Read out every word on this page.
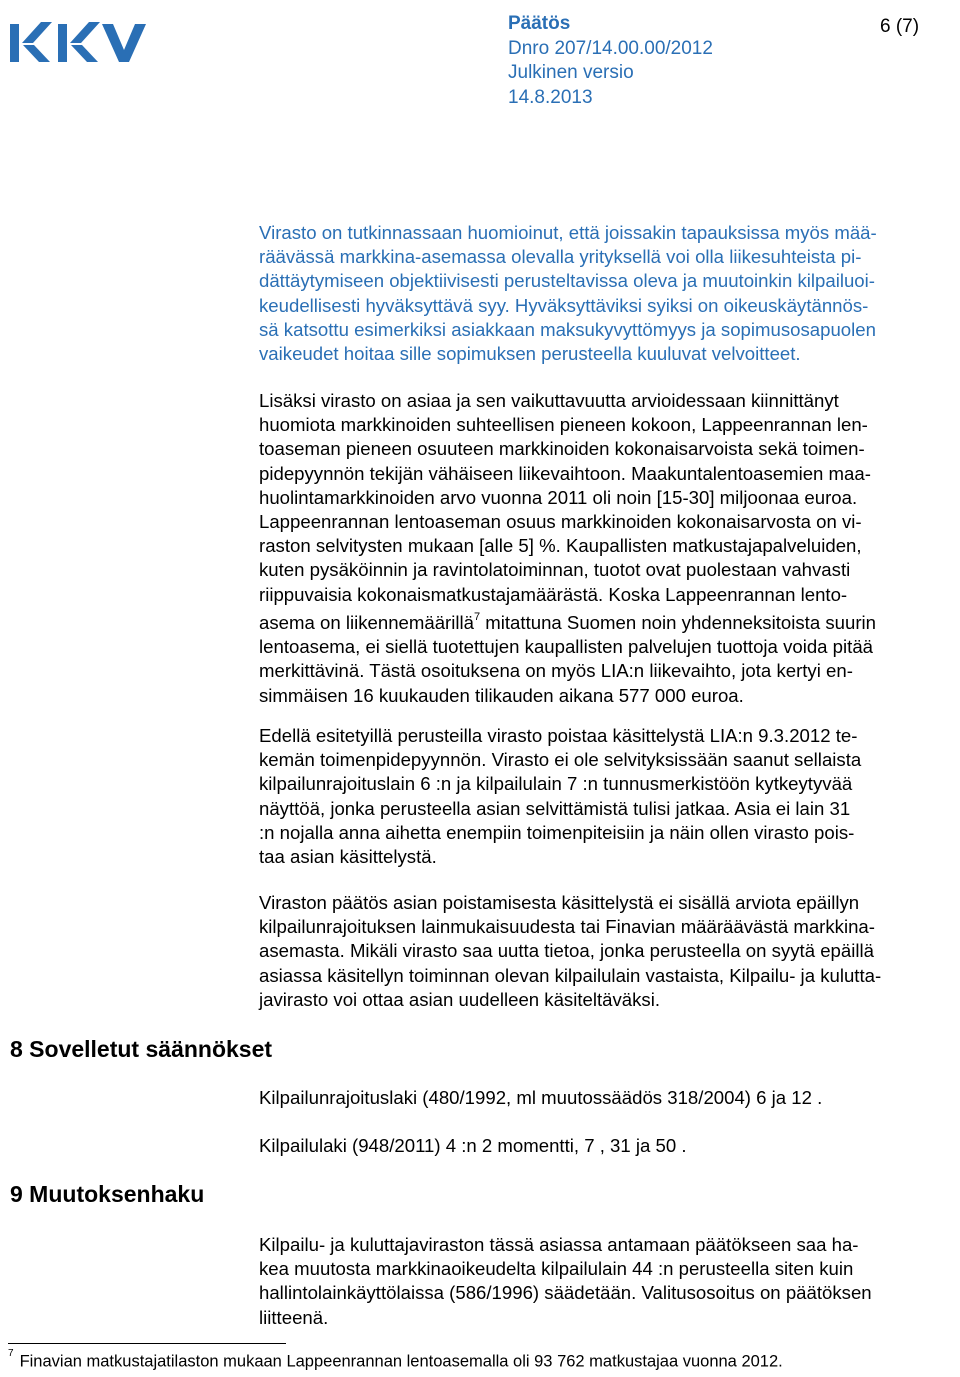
Päätös
Dnro 207/14.00.00/2012
Julkinen versio
14.8.2013
6 (7)

Virasto on tutkinnassaan huomioinut, että joissakin tapauksissa myös mää-
räävässä markkina-asemassa olevalla yrityksellä voi olla liikesuhteista pi-
dättäytymiseen objektiivisesti perusteltavissa oleva ja muutoinkin kilpailuoi-
keudellisesti hyväksyttävä syy. Hyväksyttäviksi syiksi on oikeuskäytännös-
sä katsottu esimerkiksi asiakkaan maksukyvyttömyys ja sopimusosapuolen
vaikeudet hoitaa sille sopimuksen perusteella kuuluvat velvoitteet.

Lisäksi virasto on asiaa ja sen vaikuttavuutta arvioidessaan kiinnittänyt
huomiota markkinoiden suhteellisen pieneen kokoon, Lappeenrannan len-
toaseman pieneen osuuteen markkinoiden kokonaisarvoista sekä toimen-
pidepyynnön tekijän vähäiseen liikevaihtoon. Maakuntalentoasemien maa-
huolintamarkkinoiden arvo vuonna 2011 oli noin [15-30] miljoonaa euroa.
Lappeenrannan lentoaseman osuus markkinoiden kokonaisarvosta on vi-
raston selvitysten mukaan [alle 5] %. Kaupallisten matkustajapalveluiden,
kuten pysäköinnin ja ravintolatoiminnan, tuotot ovat puolestaan vahvasti
riippuvaisia kokonaismatkustajamäärästä. Koska Lappeenrannan lento-
asema on liikennemäärillä$^7$ mitattuna Suomen noin yhdenneksitoista suurin
lentoasema, ei siellä tuotettujen kaupallisten palvelujen tuottoja voida pitää
merkittävinä. Tästä osoituksena on myös LIA:n liikevaihto, jota kertyi en-
simmäisen 16 kuukauden tilikauden aikana 577 000 euroa.

Edellä esitetyillä perusteilla virasto poistaa käsittelystä LIA:n 9.3.2012 te-
kemän toimenpidepyynnön. Virasto ei ole selvityksissään saanut sellaista
kilpailunrajoituslain 6 :n ja kilpailulain 7 :n tunnusmerkistöön kytkeytyvää
näyttöä, jonka perusteella asian selvittämistä tulisi jatkaa. Asia ei lain 31
:n nojalla anna aihetta enempiin toimenpiteisiin ja näin ollen virasto pois-
taa asian käsittelystä.

Viraston päätös asian poistamisesta käsittelystä ei sisällä arviota epäillyn
kilpailunrajoituksen lainmukaisuudesta tai Finavian määräävästä markkina-
asemasta. Mikäli virasto saa uutta tietoa, jonka perusteella on syytä epäillä
asiassa käsitellyn toiminnan olevan kilpailulain vastaista, Kilpailu- ja kulutta-
javirasto voi ottaa asian uudelleen käsiteltäväksi.

8 Sovelletut säännökset

Kilpailunrajoituslaki (480/1992, ml muutossäädös 318/2004) 6 ja 12 .

Kilpailulaki (948/2011) 4 :n 2 momentti, 7 , 31 ja 50 .

9 Muutoksenhaku

Kilpailu- ja kuluttajaviraston tässä asiassa antamaan päätökseen saa ha-
kea muutosta markkinaoikeudelta kilpailulain 44 :n perusteella siten kuin
hallintolainkäyttölaissa (586/1996) säädetään. Valitusosoitus on päätöksen
liitteenä.

$^7$ Finavian matkustajatilaston mukaan Lappeenrannan lentoasemalla oli 93 762 matkustajaa vuonna 2012.
